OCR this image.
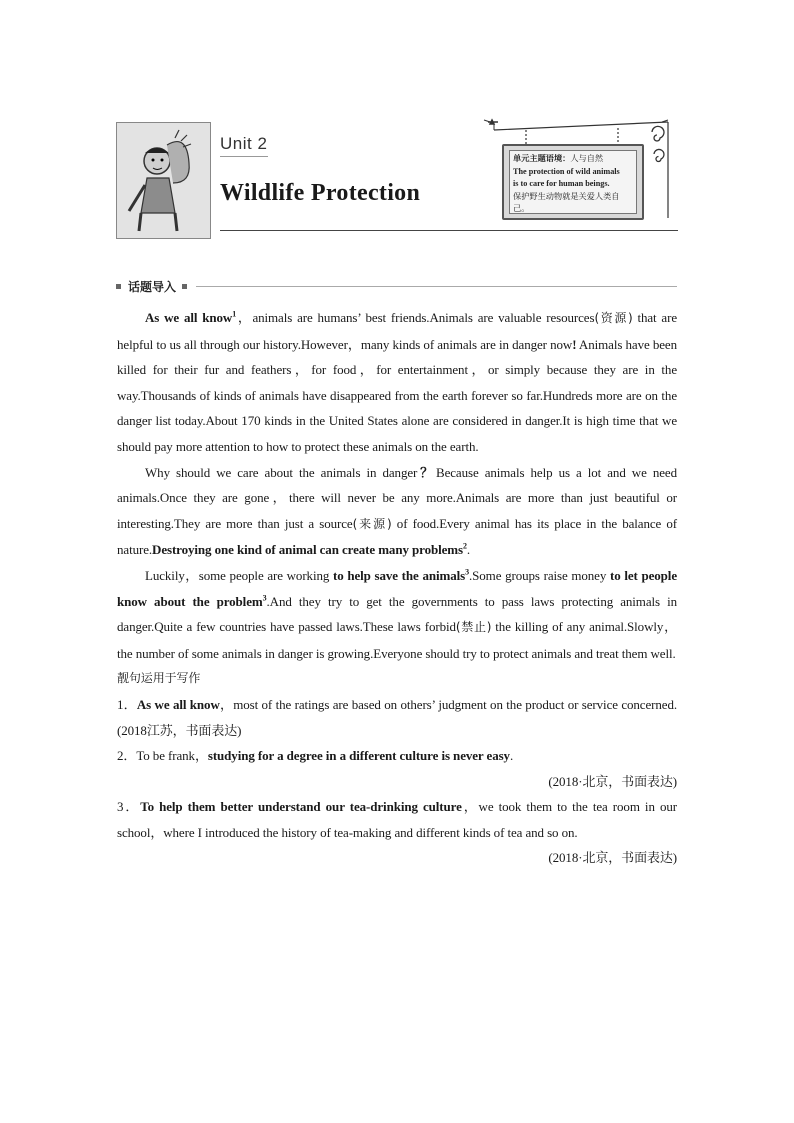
Unit 2
Wildlife Protection
单元主题语境：人与自然
The protection of wild animals
is to care for human beings.
保护野生动物就是关爱人类自己。
话题导入

As we all know$^1$，animals are humans’ best friends.Animals are valuable resources(资源) that are helpful to us all through our history.However，many kinds of animals are in danger now! Animals have been killed for their fur and feathers，for food，for entertainment，or simply because they are in the way.Thousands of kinds of animals have disappeared from the earth forever so far.Hundreds more are on the danger list today.About 170 kinds in the United States alone are considered in danger.It is high time that we should pay more attention to how to protect these animals on the earth.

Why should we care about the animals in danger？Because animals help us a lot and we need animals.Once they are gone，there will never be any more.Animals are more than just beautiful or interesting.They are more than just a source(来源) of food.Every animal has its place in the balance of nature.Destroying one kind of animal can create many problems$^2$.

Luckily，some people are working to help save the animals$^3$.Some groups raise money to let people know about the problem$^3$.And they try to get the governments to pass laws protecting animals in danger.Quite a few countries have passed laws.These laws forbid(禁止) the killing of any animal.Slowly，the number of some animals in danger is growing.Everyone should try to protect animals and treat them well.

靓句运用于写作

1．As we all know，most of the ratings are based on others’ judgment on the product or service concerned.(2018江苏，书面表达)

2．To be frank，studying for a degree in a different culture is never easy.

(2018·北京，书面表达)

3．To help them better understand our tea-drinking culture，we took them to the tea room in our school，where I introduced the history of tea-making and different kinds of tea and so on.

(2018·北京，书面表达)
